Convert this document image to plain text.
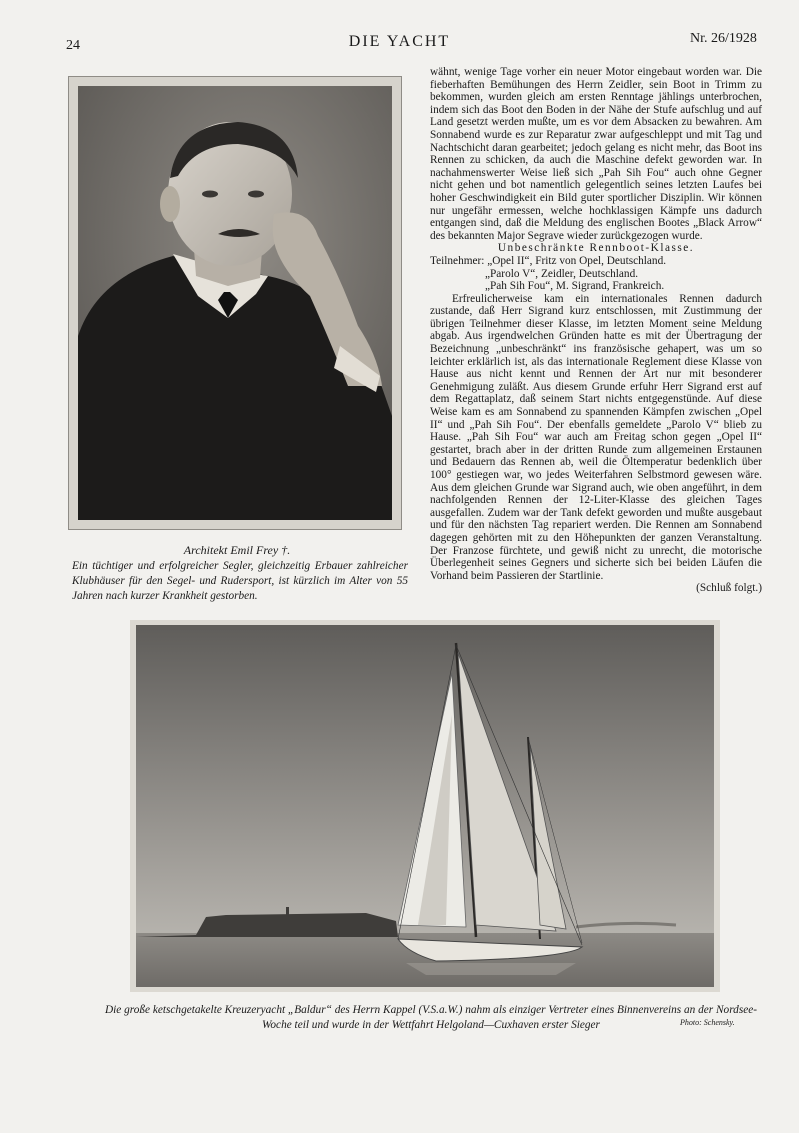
24	DIE YACHT	Nr. 26/1928
Architekt Emil Frey †.
Ein tüchtiger und erfolgreicher Segler, gleichzeitig Erbauer zahlreicher Klubhäuser für den Segel- und Rudersport, ist kürzlich im Alter von 55 Jahren nach kurzer Krankheit gestorben.

wähnt, wenige Tage vorher ein neuer Motor eingebaut worden war. Die fieberhaften Bemühungen des Herrn Zeidler, sein Boot in Trimm zu bekommen, wurden gleich am ersten Renntage jählings unterbrochen, indem sich das Boot den Boden in der Nähe der Stufe aufschlug und auf Land gesetzt werden mußte, um es vor dem Absacken zu bewahren. Am Sonnabend wurde es zur Reparatur zwar aufgeschleppt und mit Tag und Nachtschicht daran gearbeitet; jedoch gelang es nicht mehr, das Boot ins Rennen zu schicken, da auch die Maschine defekt geworden war. In nachahmenswerter Weise ließ sich „Pah Sih Fou“ auch ohne Gegner nicht gehen und bot namentlich gelegentlich seines letzten Laufes bei hoher Geschwindigkeit ein Bild guter sportlicher Disziplin. Wir können nur ungefähr ermessen, welche hochklassigen Kämpfe uns dadurch entgangen sind, daß die Meldung des englischen Bootes „Black Arrow“ des bekannten Major Segrave wieder zurückgezogen wurde.

Unbeschränkte Rennboot-Klasse.

Teilnehmer: „Opel II“, Fritz von Opel, Deutschland.

„Parolo V“, Zeidler, Deutschland.

„Pah Sih Fou“, M. Sigrand, Frankreich.

Erfreulicherweise kam ein internationales Rennen dadurch zustande, daß Herr Sigrand kurz entschlossen, mit Zustimmung der übrigen Teilnehmer dieser Klasse, im letzten Moment seine Meldung abgab. Aus irgendwelchen Gründen hatte es mit der Übertragung der Bezeichnung „unbeschränkt“ ins französische gehapert, was um so leichter erklärlich ist, als das internationale Reglement diese Klasse von Hause aus nicht kennt und Rennen der Art nur mit besonderer Genehmigung zuläßt. Aus diesem Grunde erfuhr Herr Sigrand erst auf dem Regattaplatz, daß seinem Start nichts entgegenstünde. Auf diese Weise kam es am Sonnabend zu spannenden Kämpfen zwischen „Opel II“ und „Pah Sih Fou“. Der ebenfalls gemeldete „Parolo V“ blieb zu Hause. „Pah Sih Fou“ war auch am Freitag schon gegen „Opel II“ gestartet, brach aber in der dritten Runde zum allgemeinen Erstaunen und Bedauern das Rennen ab, weil die Öltemperatur bedenklich über 100° gestiegen war, wo jedes Weiterfahren Selbstmord gewesen wäre. Aus dem gleichen Grunde war Sigrand auch, wie oben angeführt, in dem nachfolgenden Rennen der 12-Liter-Klasse des gleichen Tages ausgefallen. Zudem war der Tank defekt geworden und mußte ausgebaut und für den nächsten Tag repariert werden. Die Rennen am Sonnabend dagegen gehörten mit zu den Höhepunkten der ganzen Veranstaltung. Der Franzose fürchtete, und gewiß nicht zu unrecht, die motorische Überlegenheit seines Gegners und sicherte sich bei beiden Läufen die Vorhand beim Passieren der Startlinie.

(Schluß folgt.)

Die große ketschgetakelte Kreuzeryacht „Baldur“ des Herrn Kappel (V.S.a.W.) nahm als einziger Vertreter eines Binnenvereins an der Nordsee-Woche teil und wurde in der Wettfahrt Helgoland—Cuxhaven erster Sieger	Photo: Schensky.
